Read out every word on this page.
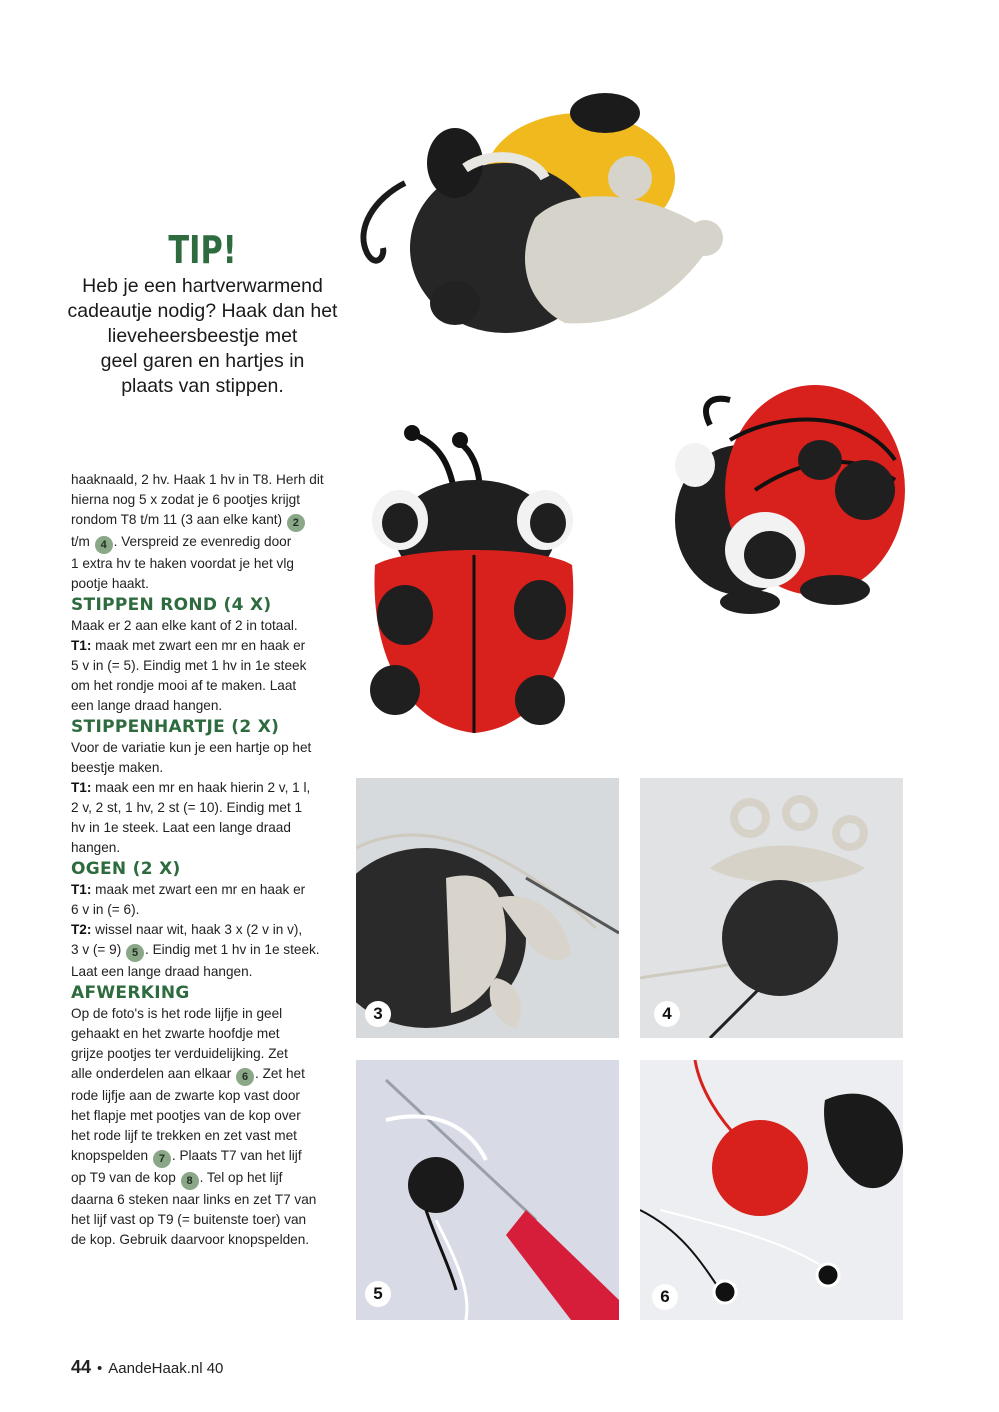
TIP!
Heb je een hartverwarmend
cadeautje nodig? Haak dan het
lieveheersbeestje met
geel garen en hartjes in
plaats van stippen.

haaknaald, 2 hv. Haak 1 hv in T8. Herh dit
hierna nog 5 x zodat je 6 pootjes krijgt
rondom T8 t/m 11 (3 aan elke kant) 2
t/m 4 . Verspreid ze evenredig door
1 extra hv te haken voordat je het vlg
pootje haakt.

STIPPEN ROND (4 X)

Maak er 2 aan elke kant of 2 in totaal.
T1: maak met zwart een mr en haak er
5 v in (= 5). Eindig met 1 hv in 1e steek
om het rondje mooi af te maken. Laat
een lange draad hangen.

STIPPENHARTJE (2 X)

Voor de variatie kun je een hartje op het
beestje maken.
T1: maak een mr en haak hierin 2 v, 1 l,
2 v, 2 st, 1 hv, 2 st (= 10). Eindig met 1
hv in 1e steek. Laat een lange draad
hangen.

OGEN (2 X)

T1: maak met zwart een mr en haak er
6 v in (= 6).
T2: wissel naar wit, haak 3 x (2 v in v),
3 v (= 9) 5 . Eindig met 1 hv in 1e steek.
Laat een lange draad hangen.

AFWERKING

Op de foto's is het rode lijfje in geel
gehaakt en het zwarte hoofdje met
grijze pootjes ter verduidelijking. Zet
alle onderdelen aan elkaar 6 . Zet het
rode lijfje aan de zwarte kop vast door
het flapje met pootjes van de kop over
het rode lijf te trekken en zet vast met
knopspelden 7 . Plaats T7 van het lijf
op T9 van de kop 8 . Tel op het lijf
daarna 6 steken naar links en zet T7 van
het lijf vast op T9 (= buitenste toer) van
de kop. Gebruik daarvoor knopspelden.

3	4
5	6
44 • AandeHaak.nl 40
